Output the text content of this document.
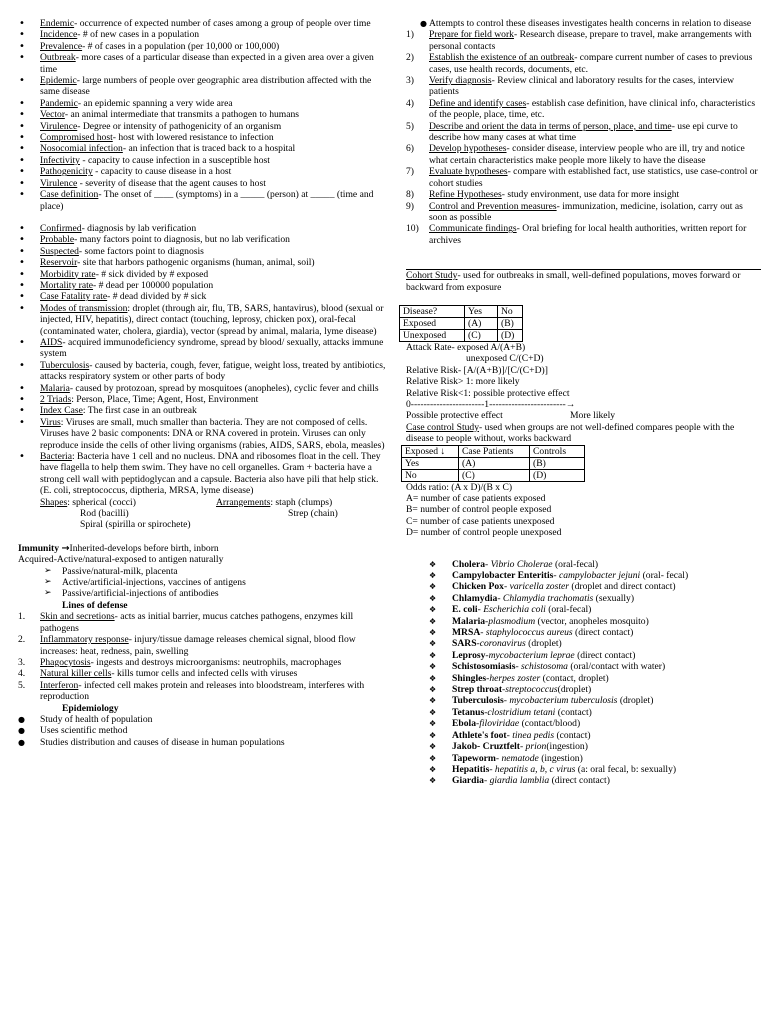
• Endemic- occurrence of expected number of cases among a group of people over time
• Incidence- # of new cases in a population
• Prevalence- # of cases in a population (per 10,000 or 100,000)
• Outbreak- more cases of a particular disease than expected in a given area over a given time
• Epidemic- large numbers of people over geographic area distribution affected with the same disease
• Pandemic- an epidemic spanning a very wide area
• Vector- an animal intermediate that transmits a pathogen to humans
• Virulence- Degree or intensity of pathogenicity of an organism
• Compromised host- host with lowered resistance to infection
• Nosocomial infection- an infection that is traced back to a hospital
• Infectivity - capacity to cause infection in a susceptible host
• Pathogenicity - capacity to cause disease in a host
• Virulence - severity of disease that the agent causes to host
• Case definition- The onset of ____ (symptoms) in a _____ (person) at _____ (time and place)
• Confirmed- diagnosis by lab verification
• Probable- many factors point to diagnosis, but no lab verification
• Suspected- some factors point to diagnosis
• Reservoir- site that harbors pathogenic organisms (human, animal, soil)
• Morbidity rate- # sick divided by # exposed
• Mortality rate- # dead per 100000 population
• Case Fatality rate- # dead divided by # sick
• Modes of transmission: droplet (through air, flu, TB, SARS, hantavirus), blood (sexual or injected, HIV, hepatitis), direct contact (touching, leprosy, chicken pox), oral-fecal (contaminated water, cholera, giardia), vector (spread by animal, malaria, lyme disease)
• AIDS- acquired immunodeficiency syndrome, spread by blood/ sexually, attacks immune system
• Tuberculosis- caused by bacteria, cough, fever, fatigue, weight loss, treated by antibiotics, attacks respiratory system or other parts of body
• Malaria- caused by protozoan, spread by mosquitoes (anopheles), cyclic fever and chills
• 2 Triads: Person, Place, Time; Agent, Host, Environment
• Index Case: The first case in an outbreak
• Virus: Viruses are small, much smaller than bacteria. They are not composed of cells. Viruses have 2 basic components: DNA or RNA covered in protein. Viruses can only reproduce inside the cells of other living organisms (rabies, AIDS, SARS, ebola, measles)
• Bacteria: Bacteria have 1 cell and no nucleus. DNA and ribosomes float in the cell. They have flagella to help them swim. They have no cell organelles. Gram + bacteria have a strong cell wall with peptidoglycan and a capsule. Bacteria also have pili that help stick. (E. coli, streptococcus, diptheria, MRSA, lyme disease)
Shapes: spherical (cocci)	Arrangements: staph (clumps)
Rod (bacilli)	Strep (chain)
Spiral (spirilla or spirochete)
Immunity →Inherited-develops before birth, inborn
Acquired-Active/natural-exposed to antigen naturally
➢ Passive/natural-milk, placenta
➢ Active/artificial-injections, vaccines of antigens
➢ Passive/artificial-injections of antibodies
Lines of defense
1. Skin and secretions- acts as initial barrier, mucus catches pathogens, enzymes kill pathogens
2. Inflammatory response- injury/tissue damage releases chemical signal, blood flow increases: heat, redness, pain, swelling
3. Phagocytosis- ingests and destroys microorganisms: neutrophils, macrophages
4. Natural killer cells- kills tumor cells and infected cells with viruses
5. Interferon- infected cell makes protein and releases into bloodstream, interferes with reproduction
Epidemiology
● Study of health of population
● Uses scientific method
● Studies distribution and causes of disease in human populations
● Attempts to control these diseases investigates health concerns in relation to disease
1) Prepare for field work- Research disease, prepare to travel, make arrangements with personal contacts
2) Establish the existence of an outbreak- compare current number of cases to previous cases, use health records, documents, etc.
3) Verify diagnosis- Review clinical and laboratory results for the cases, interview patients
4) Define and identify cases- establish case definition, have clinical info, characteristics of the people, place, time, etc.
5) Describe and orient the data in terms of person, place, and time- use epi curve to describe how many cases at what time
6) Develop hypotheses- consider disease, interview people who are ill, try and notice what certain characteristics make people more likely to have the disease
7) Evaluate hypotheses- compare with established fact, use statistics, use case-control or cohort studies
8) Refine Hypotheses- study environment, use data for more insight
9) Control and Prevention measures- immunization, medicine, isolation, carry out as soon as possible
10) Communicate findings- Oral briefing for local health authorities, written report for archives
Cohort Study- used for outbreaks in small, well-defined populations, moves forward or backward from exposure
Disease?	Yes	No
Exposed	(A)	(B)
Unexposed	(C)	(D)
Attack Rate- exposed A/(A+B)
unexposed C/(C+D)
Relative Risk- [A/(A+B)]/[C/(C+D)]
Relative Risk> 1: more likely
Relative Risk<1: possible protective effect
0-----------------------1------------------------→
Possible protective effect	More likely
Case control Study- used when groups are not well-defined compares people with the disease to people without, works backward
Exposed ↓	Case Patients	Controls
Yes	(A)	(B)
No	(C)	(D)
Odds ratio: (A x D)/(B x C)
A= number of case patients exposed
B= number of control people exposed
C= number of case patients unexposed
D= number of control people unexposed
❖ Cholera- Vibrio Cholerae (oral-fecal)
❖ Campylobacter Enteritis- campylobacter jejuni (oral- fecal)
❖ Chicken Pox- varicella zoster (droplet and direct contact)
❖ Chlamydia- Chlamydia trachomatis (sexually)
❖ E. coli- Escherichia coli (oral-fecal)
❖ Malaria-plasmodium (vector, anopheles mosquito)
❖ MRSA- staphylococcus aureus (direct contact)
❖ SARS-coronavirus (droplet)
❖ Leprosy-mycobacterium leprae (direct contact)
❖ Schistosomiasis- schistosoma (oral/contact with water)
❖ Shingles-herpes zoster (contact, droplet)
❖ Strep throat-streptococcus(droplet)
❖ Tuberculosis- mycobacterium tuberculosis (droplet)
❖ Tetanus-clostridium tetani (contact)
❖ Ebola-filoviridae (contact/blood)
❖ Athlete's foot- tinea pedis (contact)
❖ Jakob- Cruztfelt- prion(ingestion)
❖ Tapeworm- nematode (ingestion)
❖ Hepatitis- hepatitis a, b, c virus (a: oral fecal, b: sexually)
❖ Giardia- giardia lamblia (direct contact)
